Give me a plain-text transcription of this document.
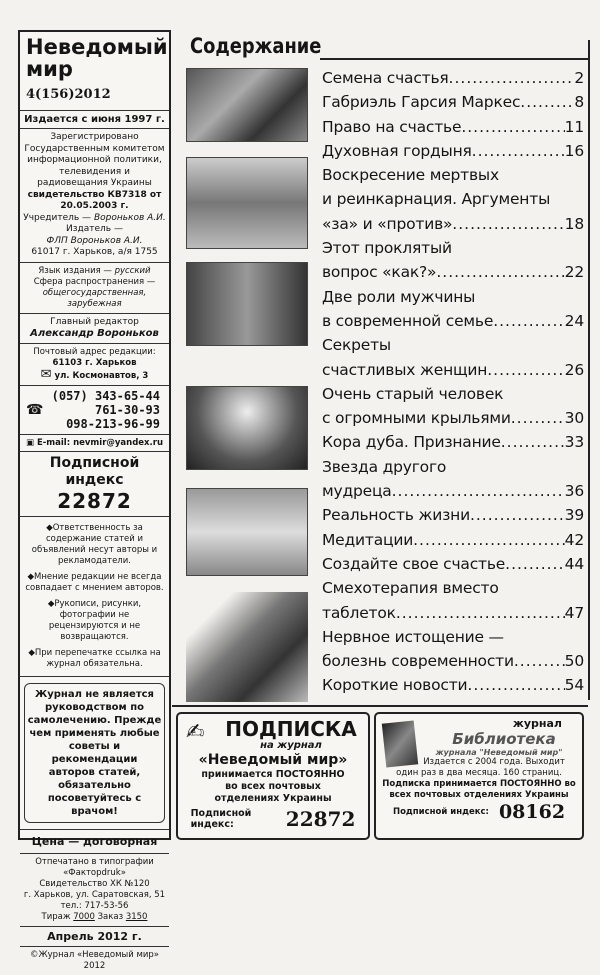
Неведомый
мир 4(156)2012
Издается с июня 1997 г.
Зарегистрировано Государственным комитетом информационной политики, телевидения и радиовещания Украины
свидетельство КВ7318 от 20.05.2003 г.
Учредитель — Вороньков А.И.
Издатель —
ФЛП Вороньков А.И.
61017 г. Харьков, а/я 1755
Язык издания — русский
Сфера распространения —
общегосударственная, зарубежная
Главный редактор
Александр Вороньков
Почтовый адрес редакции:
61103 г. Харьков
✉ ул. Космонавтов, 3
☎
(057) 343-65-44
761-30-93
098-213-96-99
▣ E-mail: nevmir@yandex.ru
Подписной индекс
22872

◆Ответственность за содержание статей и объявлений несут авторы и рекламодатели.

◆Мнение редакции не всегда совпадает с мнением авторов.

◆Рукописи, рисунки, фотографии не рецензируются и не возвращаются.

◆При перепечатке ссылка на журнал обязательна.

Журнал не является руководством по самолечению. Прежде чем применять любые советы и рекомендации авторов статей, обязательно посоветуйтесь с врачом!
Цена — договорная
Отпечатано в типографии «Факторdruk»
Свидетельство ХК №120
г. Харьков, ул. Саратовская, 51
тел.: 717-53-56
Тираж 7000 Заказ 3150
Апрель 2012 г.
©Журнал «Неведомый мир» 2012
Содержание
Семена счастья .....	2
Габриэль Гарсия Маркес .....	8
Право на счастье .....	11
Духовная гордыня .....	16
Воскресение мертвых
и реинкарнация. Аргументы
«за» и «против» .....	18
Этот проклятый
вопрос «как?» .....	22
Две роли мужчины
в современной семье .....	24
Секреты
счастливых женщин .....	26
Очень старый человек
с огромными крыльями .....	30
Кора дуба. Признание .....	33
Звезда другого
мудреца .....	36
Реальность жизни .....	39
Медитации .....	42
Создайте свое счастье .....	44
Смехотерапия вместо
таблеток .....	47
Нервное истощение —
болезнь современности .....	50
Короткие новости .....	54
✍	ПОДПИСКА
на журнал
«Неведомый мир»
принимается ПОСТОЯННО
во всех почтовых
отделениях Украины
Подписной индекс:	22872
журнал
Библиотека
журнала "Неведомый мир"
Издается с 2004 года. Выходит
один раз в два месяца. 160 страниц.
Подписка принимается ПОСТОЯННО во
всех почтовых отделениях Украины
Подписной индекс: 08162
